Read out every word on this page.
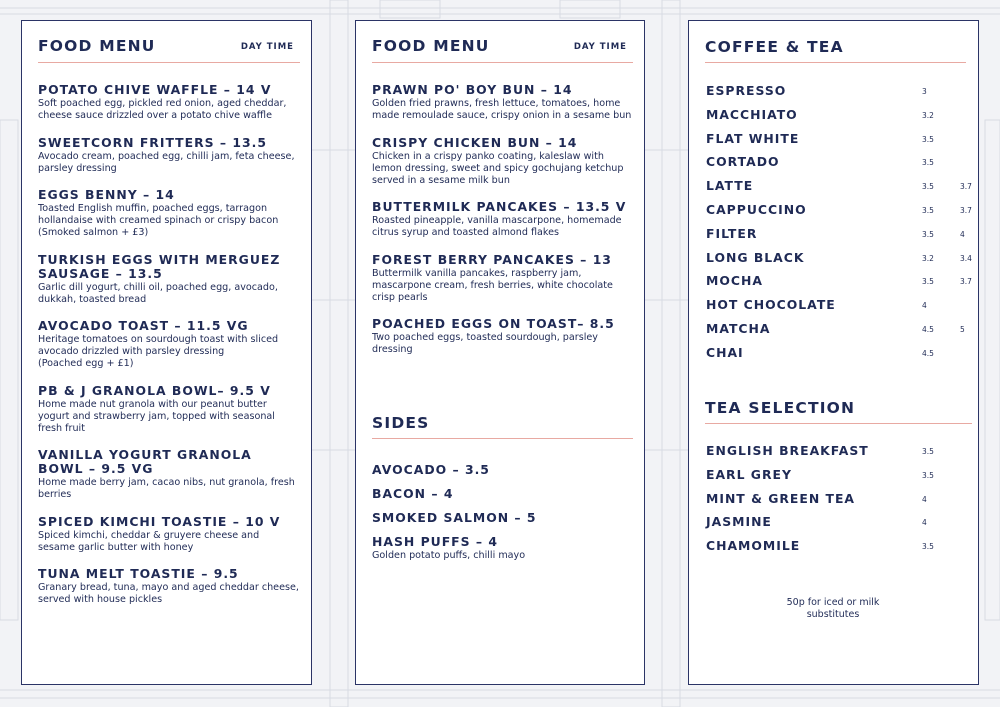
FOOD MENU	DAY TIME
POTATO CHIVE WAFFLE – 14 V
Soft poached egg, pickled red onion, aged cheddar, cheese sauce drizzled over a potato chive waffle
SWEETCORN FRITTERS – 13.5
Avocado cream, poached egg, chilli jam, feta cheese, parsley dressing
EGGS BENNY – 14
Toasted English muffin, poached eggs, tarragon hollandaise with creamed spinach or crispy bacon
(Smoked salmon + £3)
TURKISH EGGS WITH MERGUEZ SAUSAGE – 13.5
Garlic dill yogurt, chilli oil, poached egg, avocado, dukkah, toasted bread
AVOCADO TOAST – 11.5 VG
Heritage tomatoes on sourdough toast with sliced avocado drizzled with parsley dressing
(Poached egg + £1)
PB & J GRANOLA BOWL– 9.5 V
Home made nut granola with our peanut butter yogurt and strawberry jam, topped with seasonal fresh fruit
VANILLA YOGURT GRANOLA BOWL – 9.5 VG
Home made berry jam, cacao nibs, nut granola, fresh berries
SPICED KIMCHI TOASTIE – 10 V
Spiced kimchi, cheddar & gruyere cheese and sesame garlic butter with honey
TUNA MELT TOASTIE – 9.5
Granary bread, tuna, mayo and aged cheddar cheese, served with house pickles
FOOD MENU	DAY TIME
PRAWN PO' BOY BUN – 14
Golden fried prawns, fresh lettuce, tomatoes, home made remoulade sauce, crispy onion in a sesame bun
CRISPY CHICKEN BUN – 14
Chicken in a crispy panko coating, kaleslaw with lemon dressing, sweet and spicy gochujang ketchup served in a sesame milk bun
BUTTERMILK PANCAKES – 13.5 V
Roasted pineapple, vanilla mascarpone, homemade citrus syrup and toasted almond flakes
FOREST BERRY PANCAKES – 13
Buttermilk vanilla pancakes, raspberry jam, mascarpone cream, fresh berries, white chocolate crisp pearls
POACHED EGGS ON TOAST– 8.5
Two poached eggs, toasted sourdough, parsley dressing
SIDES
AVOCADO – 3.5
BACON – 4
SMOKED SALMON – 5
HASH PUFFS – 4
Golden potato puffs, chilli mayo
COFFEE & TEA
ESPRESSO	3
MACCHIATO	3.2
FLAT WHITE	3.5
CORTADO	3.5
LATTE	3.5	3.7
CAPPUCCINO	3.5	3.7
FILTER	3.5	4
LONG BLACK	3.2	3.4
MOCHA	3.5	3.7
HOT CHOCOLATE	4
MATCHA	4.5	5
CHAI	4.5
TEA SELECTION
ENGLISH BREAKFAST	3.5
EARL GREY	3.5
MINT & GREEN TEA	4
JASMINE	4
CHAMOMILE	3.5
50p for iced or milk
substitutes
